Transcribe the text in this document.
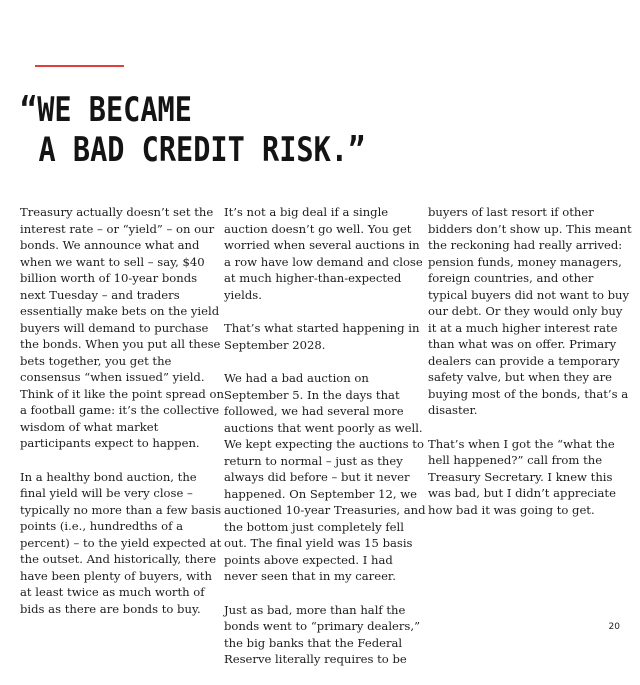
“WE BECAME
A BAD CREDIT RISK.”

Treasury actually doesn’t set the interest rate – or “yield” – on our bonds. We announce what and when we want to sell – say, $40 billion worth of 10-year bonds next Tuesday – and traders essentially make bets on the yield buyers will demand to purchase the bonds. When you put all these bets together, you get the consensus “when issued” yield. Think of it like the point spread on a football game: it’s the collective wisdom of what market participants expect to happen.

In a healthy bond auction, the final yield will be very close – typically no more than a few basis points (i.e., hundredths of a percent) – to the yield expected at the outset. And historically, there have been plenty of buyers, with at least twice as much worth of bids as there are bonds to buy.

It’s not a big deal if a single auction doesn’t go well. You get worried when several auctions in a row have low demand and close at much higher-than-expected yields.

That’s what started happening in September 2028.

We had a bad auction on September 5. In the days that followed, we had several more auctions that went poorly as well. We kept expecting the auctions to return to normal – just as they always did before – but it never happened. On September 12, we auctioned 10-year Treasuries, and the bottom just completely fell out. The final yield was 15 basis points above expected. I had never seen that in my career.

Just as bad, more than half the bonds went to “primary dealers,” the big banks that the Federal Reserve literally requires to be

buyers of last resort if other bidders don’t show up. This meant the reckoning had really arrived: pension funds, money managers, foreign countries, and other typical buyers did not want to buy our debt. Or they would only buy it at a much higher interest rate than what was on offer. Primary dealers can provide a temporary safety valve, but when they are buying most of the bonds, that’s a disaster.

That’s when I got the “what the hell happened?” call from the Treasury Secretary. I knew this was bad, but I didn’t appreciate how bad it was going to get.

20
